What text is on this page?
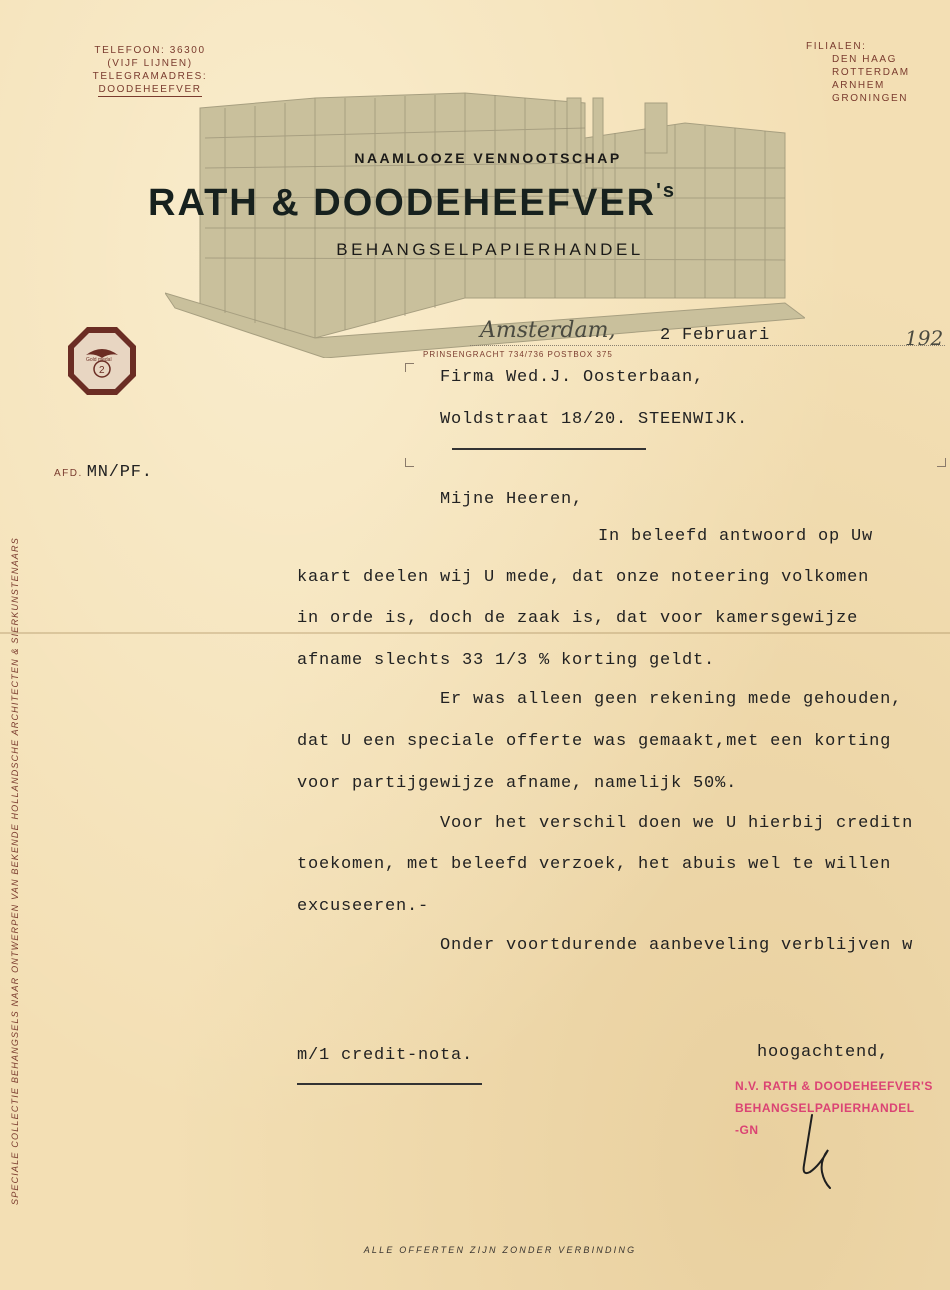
TELEFOON: 36300
(VIJF LIJNEN)
TELEGRAMADRES:
DOODEHEEFVER
FILIALEN:
DEN HAAG
ROTTERDAM
ARNHEM
GRONINGEN
NAAMLOOZE VENNOOTSCHAP
RATH & $DOODEHEEFVER^{'s}$
BEHANGSELPAPIERHANDEL
Gold medal
2
Amsterdam,	2 Februari	192
PRINSENGRACHT 734/736 POSTBOX 375
Firma Wed.J. Oosterbaan,
Woldstraat 18/20. STEENWIJK.
AFD. MN/PF.
Mijne Heeren,
In beleefd antwoord op Uw
kaart deelen wij U mede, dat onze noteering volkomen
in orde is, doch de zaak is, dat voor kamersgewijze
afname slechts 33 1/3 % korting geldt.
Er was alleen geen rekening mede gehouden,
dat U een speciale offerte was gemaakt,met een korting
voor partijgewijze afname, namelijk 50%.
Voor het verschil doen we U hierbij creditn
toekomen, met beleefd verzoek, het abuis wel te willen
excuseeren.-
Onder voortdurende aanbeveling verblijven w
hoogachtend,
m/1 credit-nota.
N.V. RATH & DOODEHEEFVER'S
BEHANGSELPAPIERHANDEL
-GN
SPECIALE COLLECTIE BEHANGSELS NAAR ONTWERPEN VAN BEKENDE HOLLANDSCHE ARCHITECTEN & SIERKUNSTENAARS
ALLE OFFERTEN ZIJN ZONDER VERBINDING
